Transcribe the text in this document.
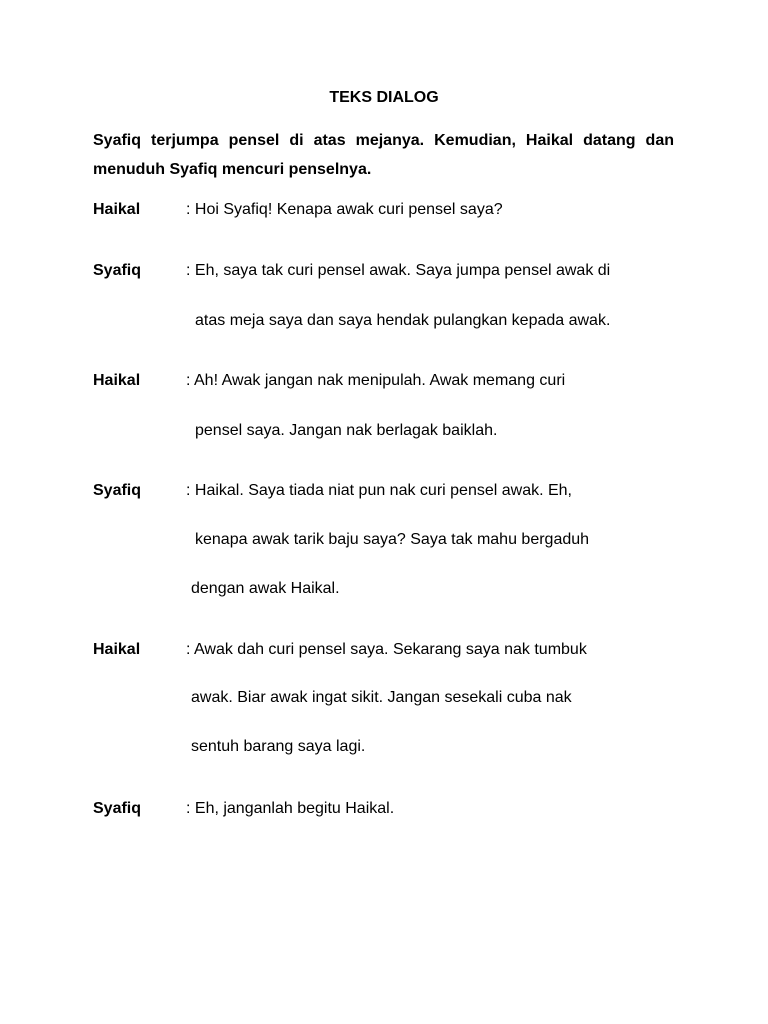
TEKS DIALOG
Syafiq terjumpa pensel di atas mejanya. Kemudian, Haikal datang dan menuduh Syafiq mencuri penselnya.
Haikal	: Hoi Syafiq! Kenapa awak curi pensel saya?
Syafiq	: Eh, saya tak curi pensel awak. Saya jumpa pensel awak di
atas meja saya dan saya hendak pulangkan kepada awak.
Haikal	: Ah! Awak jangan nak menipulah. Awak memang curi
pensel saya. Jangan nak berlagak baiklah.
Syafiq	: Haikal. Saya tiada niat pun nak curi pensel awak. Eh,
kenapa awak tarik baju saya? Saya tak mahu bergaduh
dengan awak Haikal.
Haikal	: Awak dah curi pensel saya. Sekarang saya nak tumbuk
awak. Biar awak ingat sikit. Jangan sesekali cuba nak
sentuh barang saya lagi.
Syafiq	: Eh, janganlah begitu Haikal.
